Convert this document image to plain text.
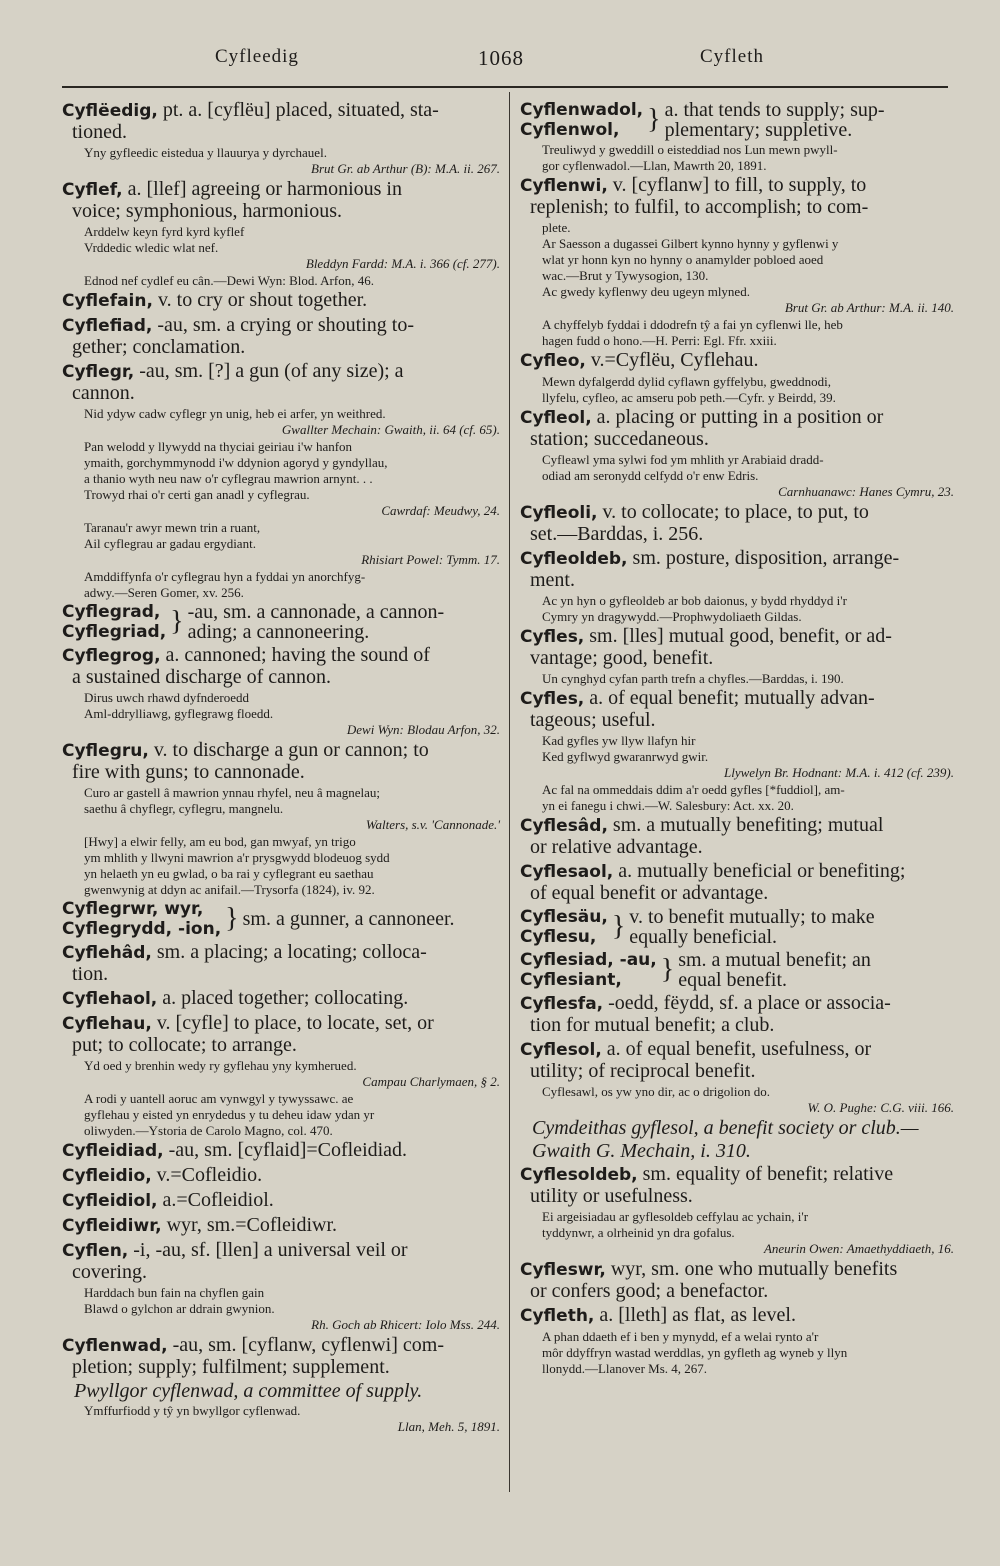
Cyfleedig	1068	Cyfleth
Cyflëedig, pt. a. [cyflëu] placed, situated, sta-
tioned.
Yny gyfleedic eistedua y llauurya y dyrchauel.
Brut Gr. ab Arthur (B): M.A. ii. 267.
Cyflef, a. [llef] agreeing or harmonious in
voice; symphonious, harmonious.
Arddelw keyn fyrd kyrd kyflef
Vrddedic wledic wlat nef.
Bleddyn Fardd: M.A. i. 366 (cf. 277).
Ednod nef cydlef eu cân.—Dewi Wyn: Blod. Arfon, 46.
Cyflefain, v. to cry or shout together.
Cyflefiad, -au, sm. a crying or shouting to-
gether; conclamation.
Cyflegr, -au, sm. [?] a gun (of any size); a
cannon.
Nid ydyw cadw cyflegr yn unig, heb ei arfer, yn weithred.
Gwallter Mechain: Gwaith, ii. 64 (cf. 65).
Pan welodd y llywydd na thyciai geiriau i'w hanfon
ymaith, gorchymmynodd i'w ddynion agoryd y gyndyllau,
a thanio wyth neu naw o'r cyflegrau mawrion arnynt. . .
Trowyd rhai o'r certi gan anadl y cyflegrau.
Cawrdaf: Meudwy, 24.
Taranau'r awyr mewn trin a ruant,
Ail cyflegrau ar gadau ergydiant.
Rhisiart Powel: Tymm. 17.
Amddiffynfa o'r cyflegrau hyn a fyddai yn anorchfyg-
adwy.—Seren Gomer, xv. 256.
Cyflegrad,
Cyflegriad, } -au, sm. a cannonade, a cannon-
ading; a cannoneering.
Cyflegrog, a. cannoned; having the sound of
a sustained discharge of cannon.
Dirus uwch rhawd dyfnderoedd
Aml-ddrylliawg, gyflegrawg floedd.
Dewi Wyn: Blodau Arfon, 32.
Cyflegru, v. to discharge a gun or cannon; to
fire with guns; to cannonade.
Curo ar gastell â mawrion ynnau rhyfel, neu â magnelau;
saethu â chyflegr, cyflegru, mangnelu.
Walters, s.v. 'Cannonade.'
[Hwy] a elwir felly, am eu bod, gan mwyaf, yn trigo
ym mhlith y llwyni mawrion a'r prysgwydd blodeuog sydd
yn helaeth yn eu gwlad, o ba rai y cyflegrant eu saethau
gwenwynig at ddyn ac anifail.—Trysorfa (1824), iv. 92.
Cyflegrwr, wyr,
Cyflegrydd, -ion, } sm. a gunner, a cannoneer.
Cyflehâd, sm. a placing; a locating; colloca-
tion.
Cyflehaol, a. placed together; collocating.
Cyflehau, v. [cyfle] to place, to locate, set, or
put; to collocate; to arrange.
Yd oed y brenhin wedy ry gyflehau yny kymherued.
Campau Charlymaen, § 2.
A rodi y uantell aoruc am vynwgyl y tywyssawc. ae
gyflehau y eisted yn enrydedus y tu deheu idaw ydan yr
oliwyden.—Ystoria de Carolo Magno, col. 470.
Cyfleidiad, -au, sm. [cyflaid]=Cofleidiad.
Cyfleidio, v.=Cofleidio.
Cyfleidiol, a.=Cofleidiol.
Cyfleidiwr, wyr, sm.=Cofleidiwr.
Cyflen, -i, -au, sf. [llen] a universal veil or
covering.
Harddach bun fain na chyflen gain
Blawd o gylchon ar ddrain gwynion.
Rh. Goch ab Rhicert: Iolo Mss. 244.
Cyflenwad, -au, sm. [cyflanw, cyflenwi] com-
pletion; supply; fulfilment; supplement.
Pwyllgor cyflenwad, a committee of supply.
Ymffurfiodd y tŷ yn bwyllgor cyflenwad.
Llan, Meh. 5, 1891.
Cyflenwadol,
Cyflenwol, } a. that tends to supply; sup-
plementary; suppletive.
Treuliwyd y gweddill o eisteddiad nos Lun mewn pwyll-
gor cyflenwadol.—Llan, Mawrth 20, 1891.
Cyflenwi, v. [cyflanw] to fill, to supply, to
replenish; to fulfil, to accomplish; to com-
plete.
Ar Saesson a dugassei Gilbert kynno hynny y gyflenwi y
wlat yr honn kyn no hynny o anamylder pobloed aoed
wac.—Brut y Tywysogion, 130.
Ac gwedy kyflenwy deu ugeyn mlyned.
Brut Gr. ab Arthur: M.A. ii. 140.
A chyffelyb fyddai i ddodrefn tŷ a fai yn cyflenwi lle, heb
hagen fudd o hono.—H. Perri: Egl. Ffr. xxiii.
Cyfleo, v.=Cyflëu, Cyflehau.
Mewn dyfalgerdd dylid cyflawn gyffelybu, gweddnodi,
llyfelu, cyfleo, ac amseru pob peth.—Cyfr. y Beirdd, 39.
Cyfleol, a. placing or putting in a position or
station; succedaneous.
Cyfleawl yma sylwi fod ym mhlith yr Arabiaid dradd-
odiad am seronydd celfydd o'r enw Edris.
Carnhuanawc: Hanes Cymru, 23.
Cyfleoli, v. to collocate; to place, to put, to
set.—Barddas, i. 256.
Cyfleoldeb, sm. posture, disposition, arrange-
ment.
Ac yn hyn o gyfleoldeb ar bob daionus, y bydd rhyddyd i'r
Cymry yn dragywydd.—Prophwydoliaeth Gildas.
Cyfles, sm. [lles] mutual good, benefit, or ad-
vantage; good, benefit.
Un cynghyd cyfan parth trefn a chyfles.—Barddas, i. 190.
Cyfles, a. of equal benefit; mutually advan-
tageous; useful.
Kad gyfles yw llyw llafyn hir
Ked gyflwyd gwaranrwyd gwir.
Llywelyn Br. Hodnant: M.A. i. 412 (cf. 239).
Ac fal na ommeddais ddim a'r oedd gyfles [*fuddiol], am-
yn ei fanegu i chwi.—W. Salesbury: Act. xx. 20.
Cyflesâd, sm. a mutually benefiting; mutual
or relative advantage.
Cyflesaol, a. mutually beneficial or benefiting;
of equal benefit or advantage.
Cyflesäu,
Cyflesu, } v. to benefit mutually; to make
equally beneficial.
Cyflesiad, -au,
Cyflesiant,	} sm. a mutual benefit; an
equal benefit.
Cyflesfa, -oedd, fëydd, sf. a place or associa-
tion for mutual benefit; a club.
Cyflesol, a. of equal benefit, usefulness, or
utility; of reciprocal benefit.
Cyflesawl, os yw yno dir, ac o drigolion do.
W. O. Pughe: C.G. viii. 166.
Cymdeithas gyflesol, a benefit society or club.—
Gwaith G. Mechain, i. 310.
Cyflesoldeb, sm. equality of benefit; relative
utility or usefulness.
Ei argeisiadau ar gyflesoldeb ceffylau ac ychain, i'r
tyddynwr, a olrheinid yn dra gofalus.
Aneurin Owen: Amaethyddiaeth, 16.
Cyfleswr, wyr, sm. one who mutually benefits
or confers good; a benefactor.
Cyfleth, a. [lleth] as flat, as level.
A phan ddaeth ef i ben y mynydd, ef a welai rynto a'r
môr ddyffryn wastad werddlas, yn gyfleth ag wyneb y llyn
llonydd.—Llanover Ms. 4, 267.
